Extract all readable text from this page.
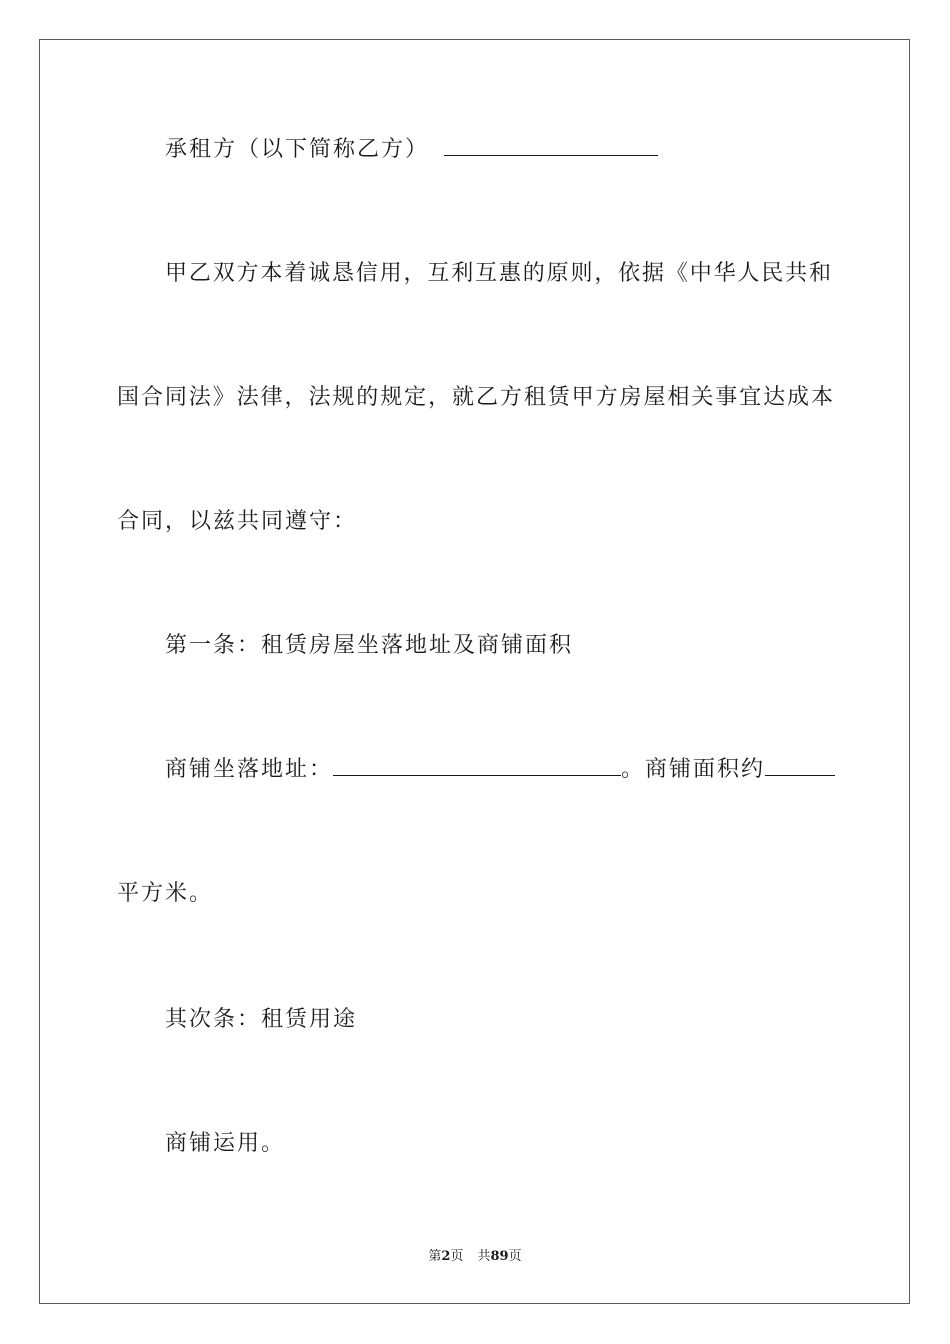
承租方（以下简称乙方）
甲乙双方本着诚恳信用，互利互惠的原则，依据《中华人民共和
国合同法》法律，法规的规定，就乙方租赁甲方房屋相关事宜达成本
合同，以兹共同遵守：
第一条：租赁房屋坐落地址及商铺面积
商铺坐落地址：	。商铺面积约
平方米。
其次条：租赁用途
商铺运用。
第2页 共89页
